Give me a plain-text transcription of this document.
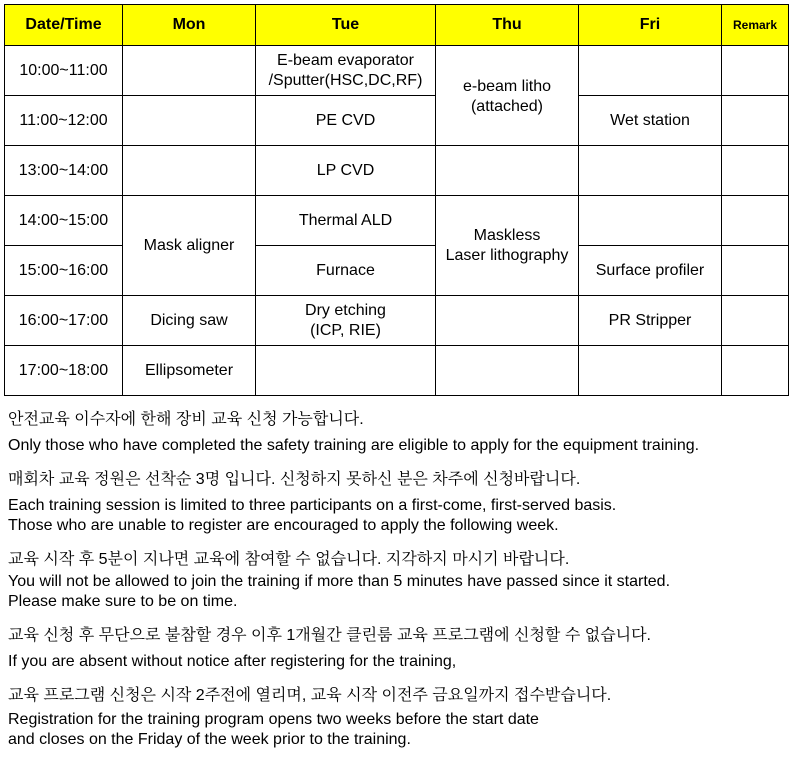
Date/Time	Mon	Tue	Thu	Fri	Remark
10:00~11:00		E-beam evaporator
/Sputter(HSC,DC,RF)	e-beam litho
(attached)		
11:00~12:00		PE CVD		Wet station	
13:00~14:00		LP CVD			
14:00~15:00	Mask aligner	Thermal ALD	Maskless
Laser lithography		
15:00~16:00		Furnace		Surface profiler	
16:00~17:00	Dicing saw	Dry etching
(ICP, RIE)		PR Stripper	
17:00~18:00	Ellipsometer				

안전교육 이수자에 한해 장비 교육 신청 가능합니다.
Only those who have completed the safety training are eligible to apply for the equipment training.

매회차 교육 정원은 선착순 3명 입니다. 신청하지 못하신 분은 차주에 신청바랍니다.
Each training session is limited to three participants on a first-come, first-served basis.
Those who are unable to register are encouraged to apply the following week.

교육 시작 후 5분이 지나면 교육에 참여할 수 없습니다. 지각하지 마시기 바랍니다.
You will not be allowed to join the training if more than 5 minutes have passed since it started.
Please make sure to be on time.

교육 신청 후 무단으로 불참할 경우 이후 1개월간 클린룸 교육 프로그램에 신청할 수 없습니다.
If you are absent without notice after registering for the training,

교육 프로그램 신청은 시작 2주전에 열리며, 교육 시작 이전주 금요일까지 접수받습니다.
Registration for the training program opens two weeks before the start date
and closes on the Friday of the week prior to the training.
